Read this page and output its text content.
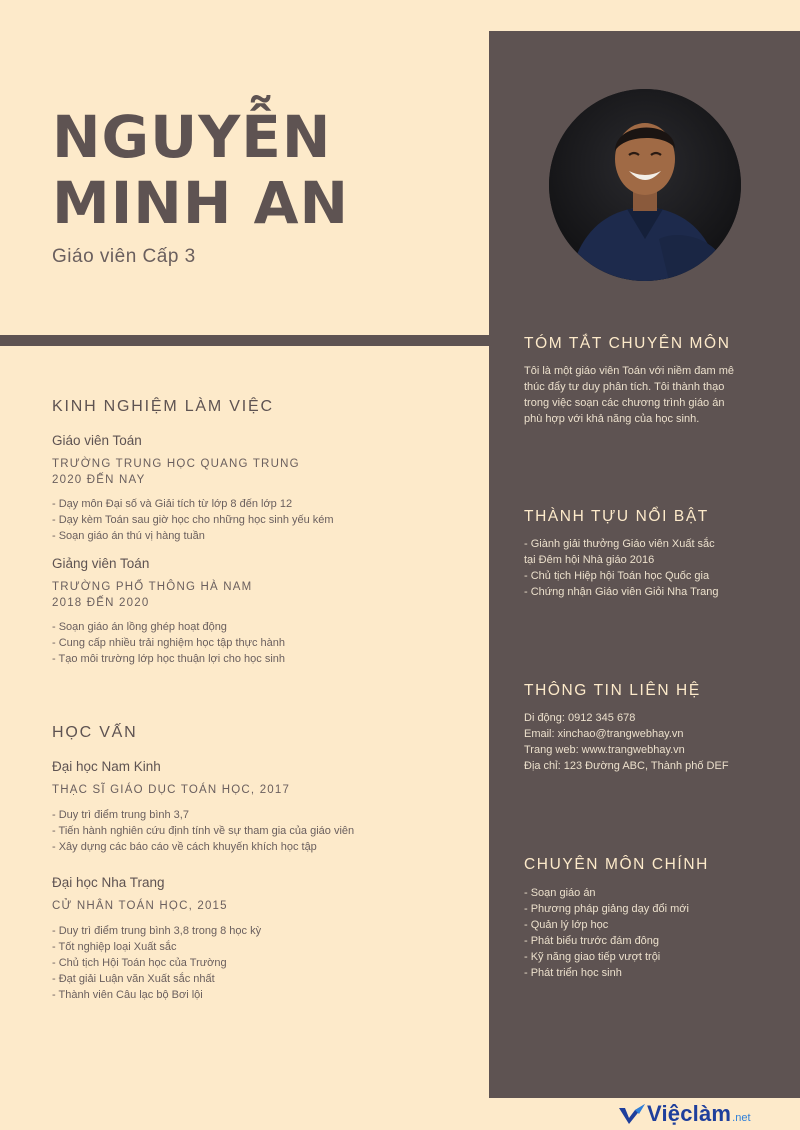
NGUYỄN
MINH AN

Giáo viên Cấp 3

KINH NGHIỆM LÀM VIỆC
Giáo viên Toán

TRƯỜNG TRUNG HỌC QUANG TRUNG

2020 ĐẾN NAY

- Dạy môn Đại số và Giải tích từ lớp 8 đến lớp 12
- Dạy kèm Toán sau giờ học cho những học sinh yếu kém
- Soạn giáo án thú vị hàng tuần
Giảng viên Toán

TRƯỜNG PHỔ THÔNG HÀ NAM

2018 ĐẾN 2020

- Soạn giáo án lồng ghép hoạt động
- Cung cấp nhiều trải nghiệm học tập thực hành
- Tạo môi trường lớp học thuận lợi cho học sinh
HỌC VẤN
Đại học Nam Kinh

THẠC SĨ GIÁO DỤC TOÁN HỌC, 2017

- Duy trì điểm trung bình 3,7
- Tiến hành nghiên cứu định tính về sự tham gia của giáo viên
- Xây dựng các báo cáo về cách khuyến khích học tập
Đại học Nha Trang

CỬ NHÂN TOÁN HỌC, 2015

- Duy trì điểm trung bình 3,8 trong 8 học kỳ
- Tốt nghiệp loại Xuất sắc
- Chủ tịch Hội Toán học của Trường
- Đạt giải Luận văn Xuất sắc nhất
- Thành viên Câu lạc bộ Bơi lội
TÓM TẮT CHUYÊN MÔN

Tôi là một giáo viên Toán với niềm đam mê

thúc đẩy tư duy phân tích. Tôi thành thạo

trong việc soạn các chương trình giáo án

phù hợp với khả năng của học sinh.

THÀNH TỰU NỔI BẬT
- Giành giải thưởng Giáo viên Xuất sắc
tại Đêm hội Nhà giáo 2016
- Chủ tịch Hiệp hội Toán học Quốc gia
- Chứng nhận Giáo viên Giỏi Nha Trang
THÔNG TIN LIÊN HỆ
Di động: 0912 345 678
Email: xinchao@trangwebhay.vn
Trang web: www.trangwebhay.vn
Địa chỉ: 123 Đường ABC, Thành phố DEF
CHUYÊN MÔN CHÍNH
- Soạn giáo án
- Phương pháp giảng dạy đổi mới
- Quản lý lớp học
- Phát biểu trước đám đông
- Kỹ năng giao tiếp vượt trội
- Phát triển học sinh
Việclàm .net
